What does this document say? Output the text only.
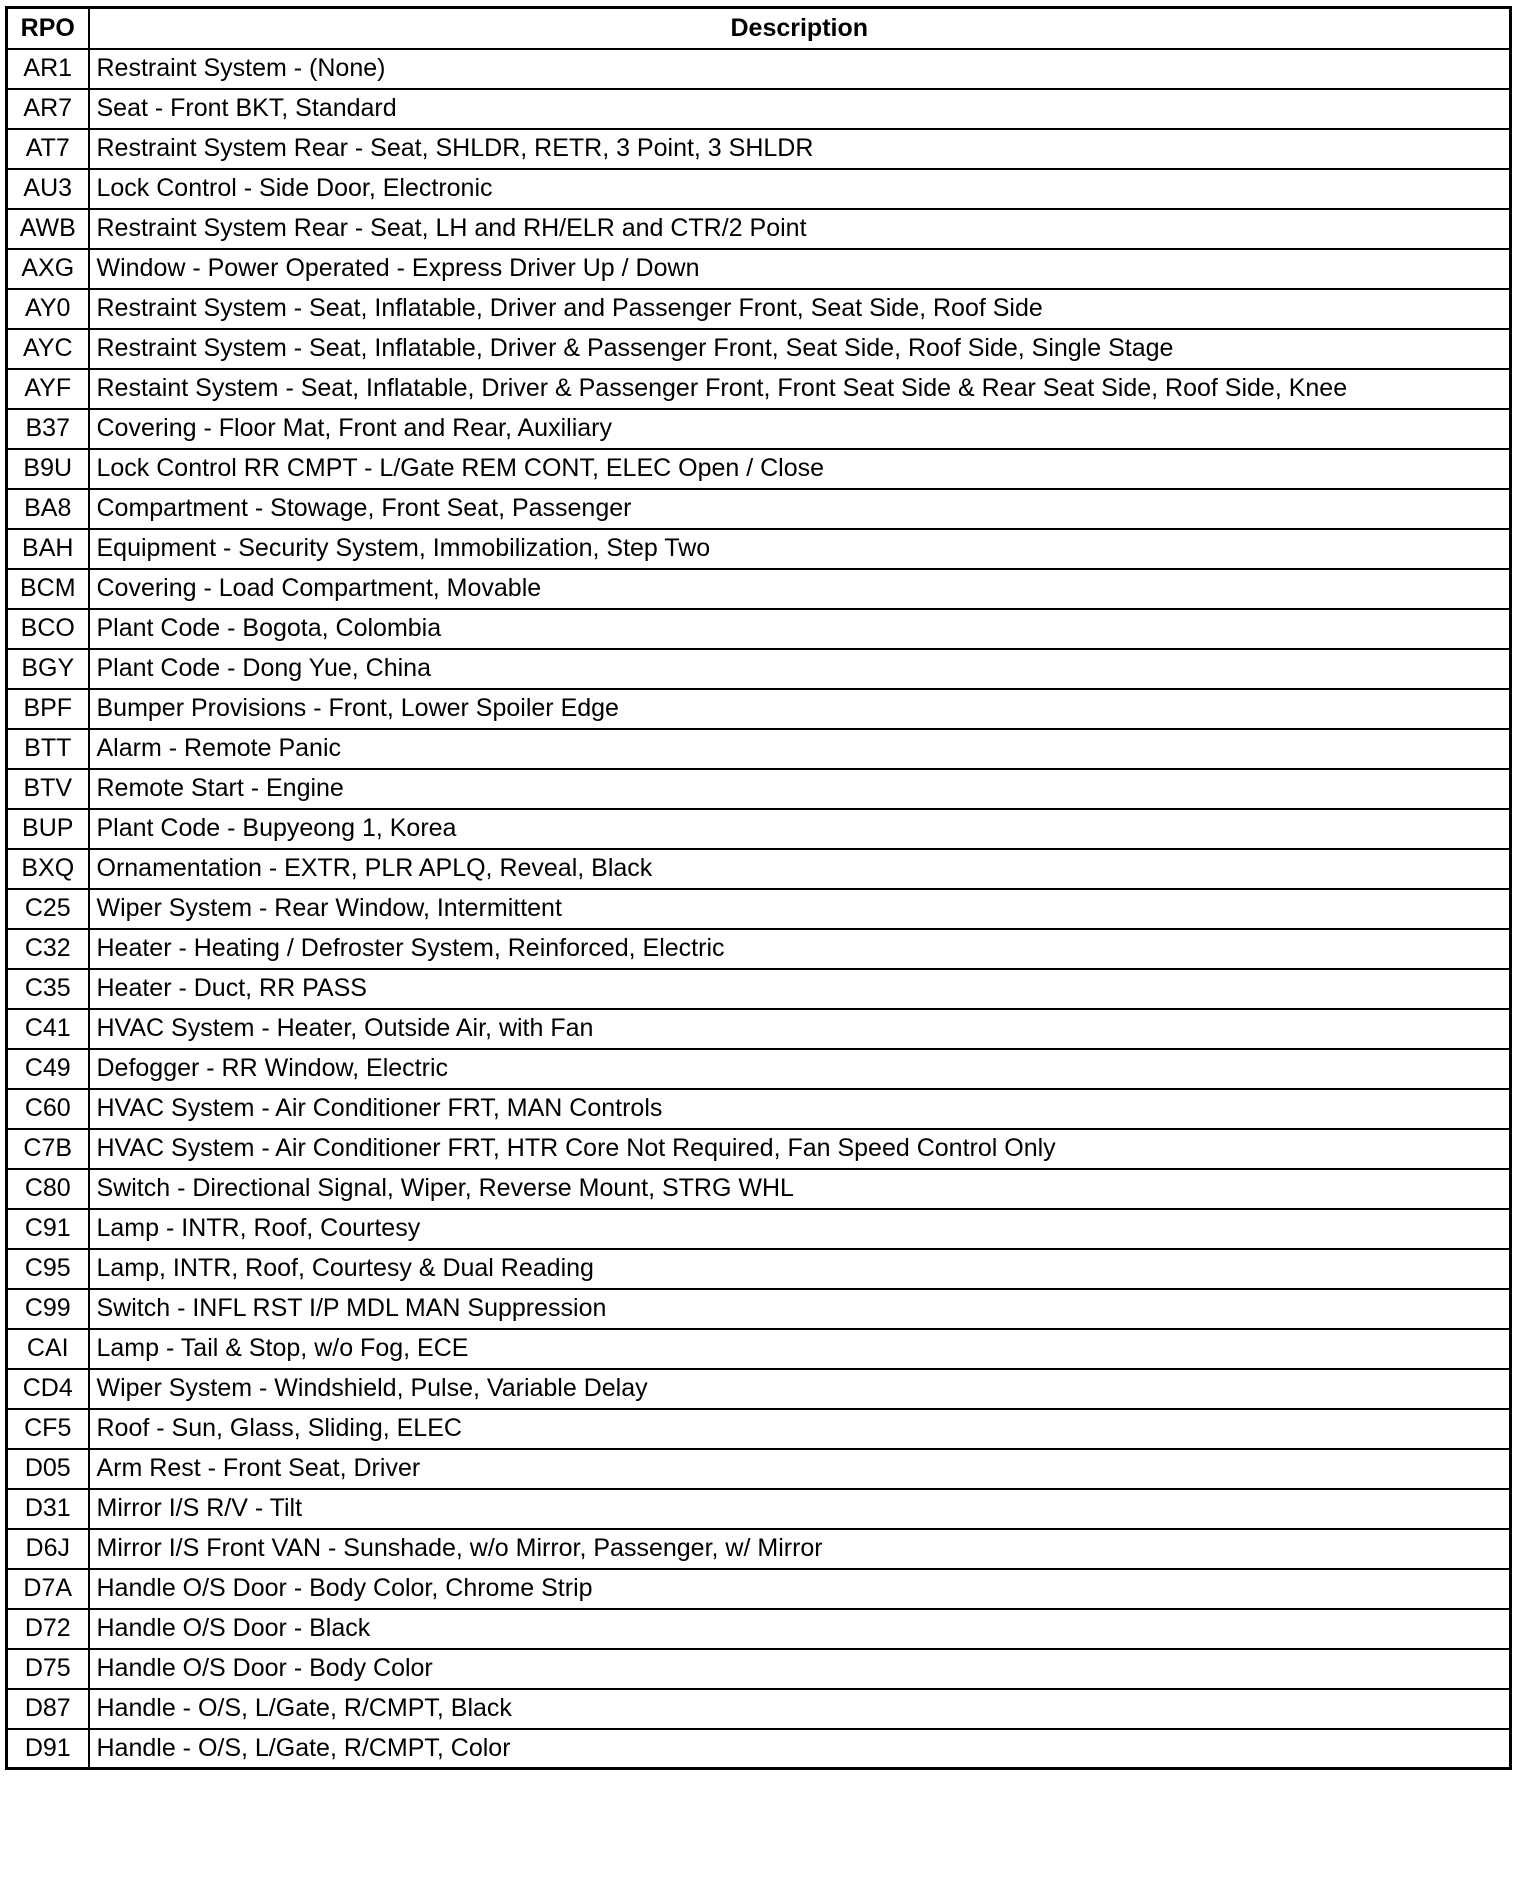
RPO	Description
AR1	Restraint System - (None)
AR7	Seat - Front BKT, Standard
AT7	Restraint System Rear - Seat, SHLDR, RETR, 3 Point, 3 SHLDR
AU3	Lock Control - Side Door, Electronic
AWB	Restraint System Rear - Seat, LH and RH/ELR and CTR/2 Point
AXG	Window - Power Operated - Express Driver Up / Down
AY0	Restraint System - Seat, Inflatable, Driver and Passenger Front, Seat Side, Roof Side
AYC	Restraint System - Seat, Inflatable, Driver & Passenger Front, Seat Side, Roof Side, Single Stage
AYF	Restaint System - Seat, Inflatable, Driver & Passenger Front, Front Seat Side & Rear Seat Side, Roof Side, Knee
B37	Covering - Floor Mat, Front and Rear, Auxiliary
B9U	Lock Control RR CMPT - L/Gate REM CONT, ELEC Open / Close
BA8	Compartment - Stowage, Front Seat, Passenger
BAH	Equipment - Security System, Immobilization, Step Two
BCM	Covering - Load Compartment, Movable
BCO	Plant Code - Bogota, Colombia
BGY	Plant Code - Dong Yue, China
BPF	Bumper Provisions - Front, Lower Spoiler Edge
BTT	Alarm - Remote Panic
BTV	Remote Start - Engine
BUP	Plant Code - Bupyeong 1, Korea
BXQ	Ornamentation - EXTR, PLR APLQ, Reveal, Black
C25	Wiper System - Rear Window, Intermittent
C32	Heater - Heating / Defroster System, Reinforced, Electric
C35	Heater - Duct, RR PASS
C41	HVAC System - Heater, Outside Air, with Fan
C49	Defogger - RR Window, Electric
C60	HVAC System - Air Conditioner FRT, MAN Controls
C7B	HVAC System - Air Conditioner FRT, HTR Core Not Required, Fan Speed Control Only
C80	Switch - Directional Signal, Wiper, Reverse Mount, STRG WHL
C91	Lamp - INTR, Roof, Courtesy
C95	Lamp, INTR, Roof, Courtesy & Dual Reading
C99	Switch - INFL RST I/P MDL MAN Suppression
CAI	Lamp - Tail & Stop, w/o Fog, ECE
CD4	Wiper System - Windshield, Pulse, Variable Delay
CF5	Roof - Sun, Glass, Sliding, ELEC
D05	Arm Rest - Front Seat, Driver
D31	Mirror I/S R/V - Tilt
D6J	Mirror I/S Front VAN - Sunshade, w/o Mirror, Passenger, w/ Mirror
D7A	Handle O/S Door - Body Color, Chrome Strip
D72	Handle O/S Door - Black
D75	Handle O/S Door - Body Color
D87	Handle - O/S, L/Gate, R/CMPT, Black
D91	Handle - O/S, L/Gate, R/CMPT, Color
